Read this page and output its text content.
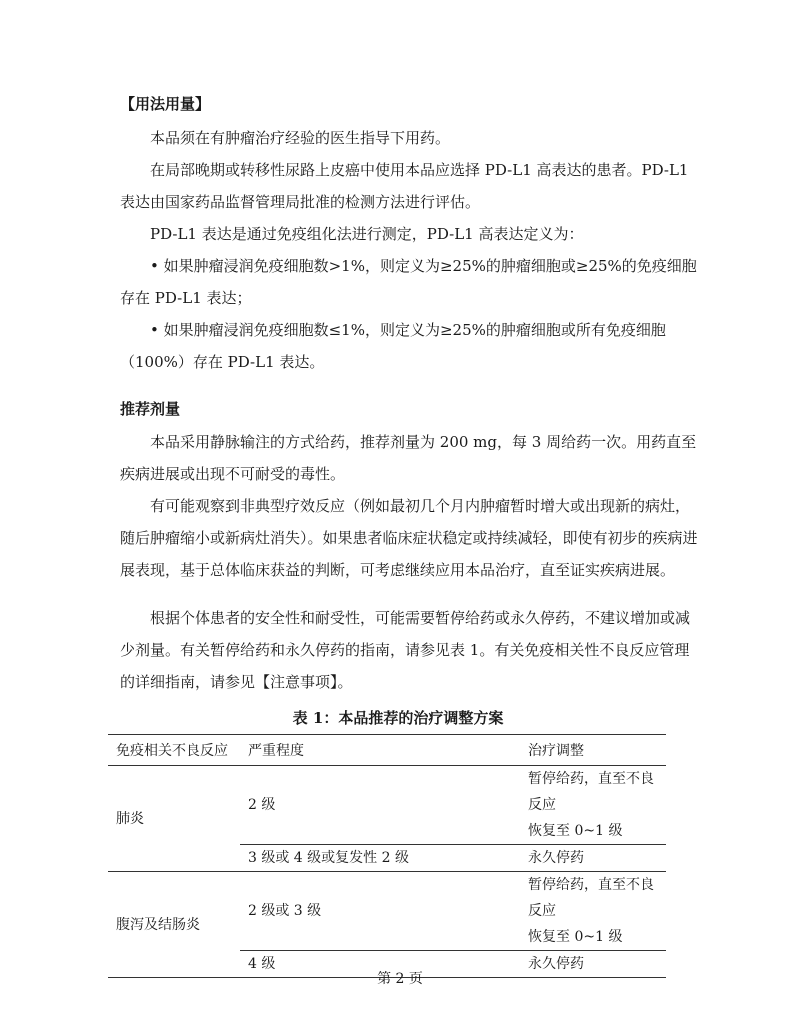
【用法用量】

本品须在有肿瘤治疗经验的医生指导下用药。

在局部晚期或转移性尿路上皮癌中使用本品应选择 PD-L1 高表达的患者。PD-L1 表达由国家药品监督管理局批准的检测方法进行评估。

PD-L1 表达是通过免疫组化法进行测定，PD-L1 高表达定义为：

• 如果肿瘤浸润免疫细胞数>1%，则定义为≥25%的肿瘤细胞或≥25%的免疫细胞存在 PD-L1 表达；

• 如果肿瘤浸润免疫细胞数≤1%，则定义为≥25%的肿瘤细胞或所有免疫细胞（100%）存在 PD-L1 表达。

推荐剂量

本品采用静脉输注的方式给药，推荐剂量为 200 mg，每 3 周给药一次。用药直至疾病进展或出现不可耐受的毒性。

有可能观察到非典型疗效反应（例如最初几个月内肿瘤暂时增大或出现新的病灶，随后肿瘤缩小或新病灶消失）。如果患者临床症状稳定或持续减轻，即使有初步的疾病进展表现，基于总体临床获益的判断，可考虑继续应用本品治疗，直至证实疾病进展。

根据个体患者的安全性和耐受性，可能需要暂停给药或永久停药，不建议增加或减少剂量。有关暂停给药和永久停药的指南，请参见表 1。有关免疫相关性不良反应管理的详细指南，请参见【注意事项】。

表 1：本品推荐的治疗调整方案
免疫相关不良反应	严重程度	治疗调整
肺炎	2 级	暂停给药，直至不良反应
恢复至 0~1 级

	3 级或 4 级或复发性 2 级	永久停药
腹泻及结肠炎	2 级或 3 级	暂停给药，直至不良反应
恢复至 0~1 级

	4 级	永久停药
第 2 页
